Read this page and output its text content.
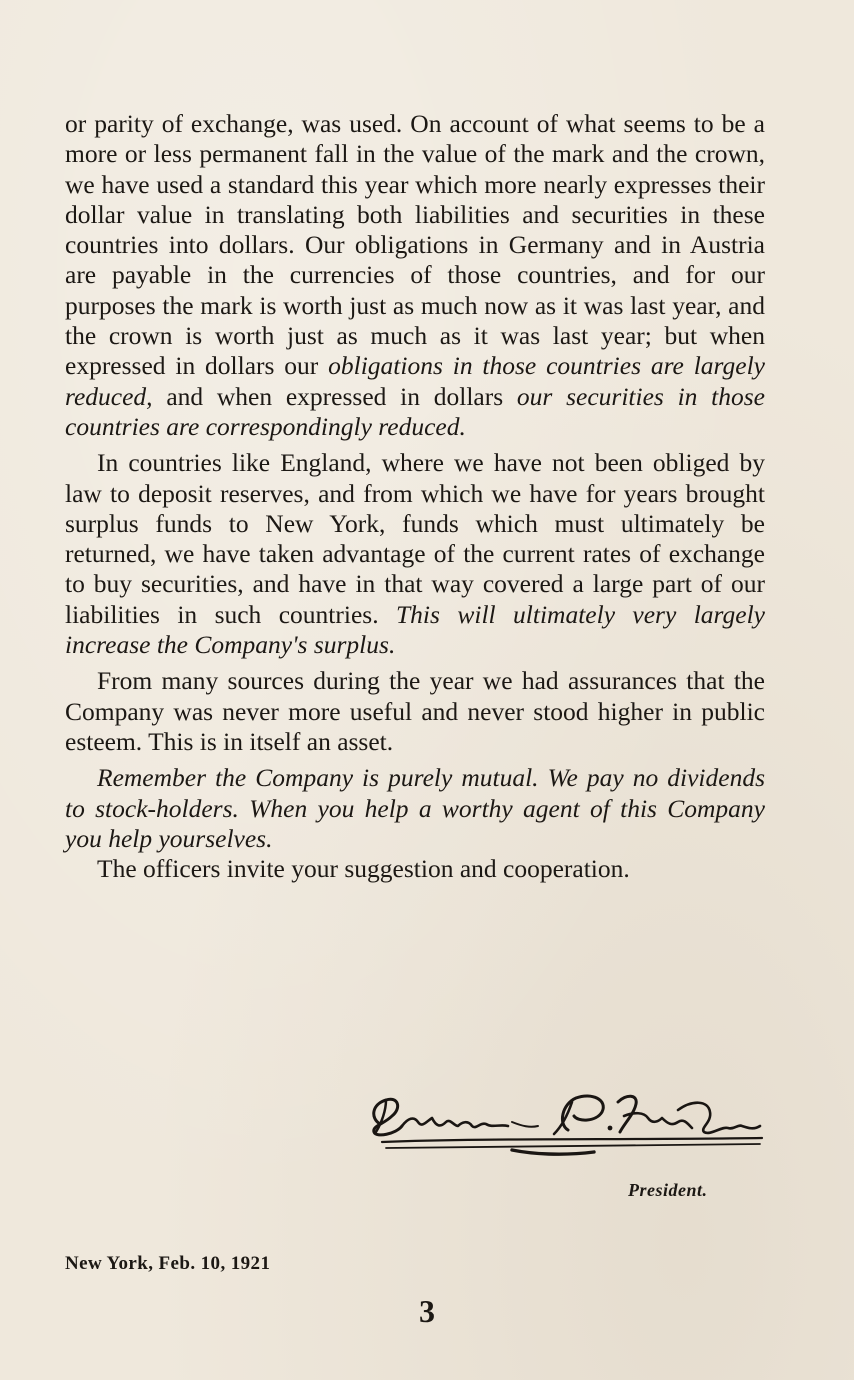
or parity of exchange, was used. On account of what seems to be a more or less permanent fall in the value of the mark and the crown, we have used a standard this year which more nearly expresses their dollar value in translating both liabilities and securities in these countries into dollars. Our obligations in Germany and in Austria are payable in the currencies of those countries, and for our purposes the mark is worth just as much now as it was last year, and the crown is worth just as much as it was last year; but when expressed in dollars our obligations in those countries are largely reduced, and when expressed in dollars our securities in those countries are correspondingly reduced.

In countries like England, where we have not been obliged by law to deposit reserves, and from which we have for years brought surplus funds to New York, funds which must ultimately be returned, we have taken advantage of the current rates of exchange to buy securities, and have in that way covered a large part of our liabilities in such countries. This will ultimately very largely increase the Company's surplus.

From many sources during the year we had assurances that the Company was never more useful and never stood higher in public esteem. This is in itself an asset.

Remember the Company is purely mutual. We pay no dividends to stock-holders. When you help a worthy agent of this Company you help yourselves.

The officers invite your suggestion and cooperation.

President.
New York, Feb. 10, 1921
3
